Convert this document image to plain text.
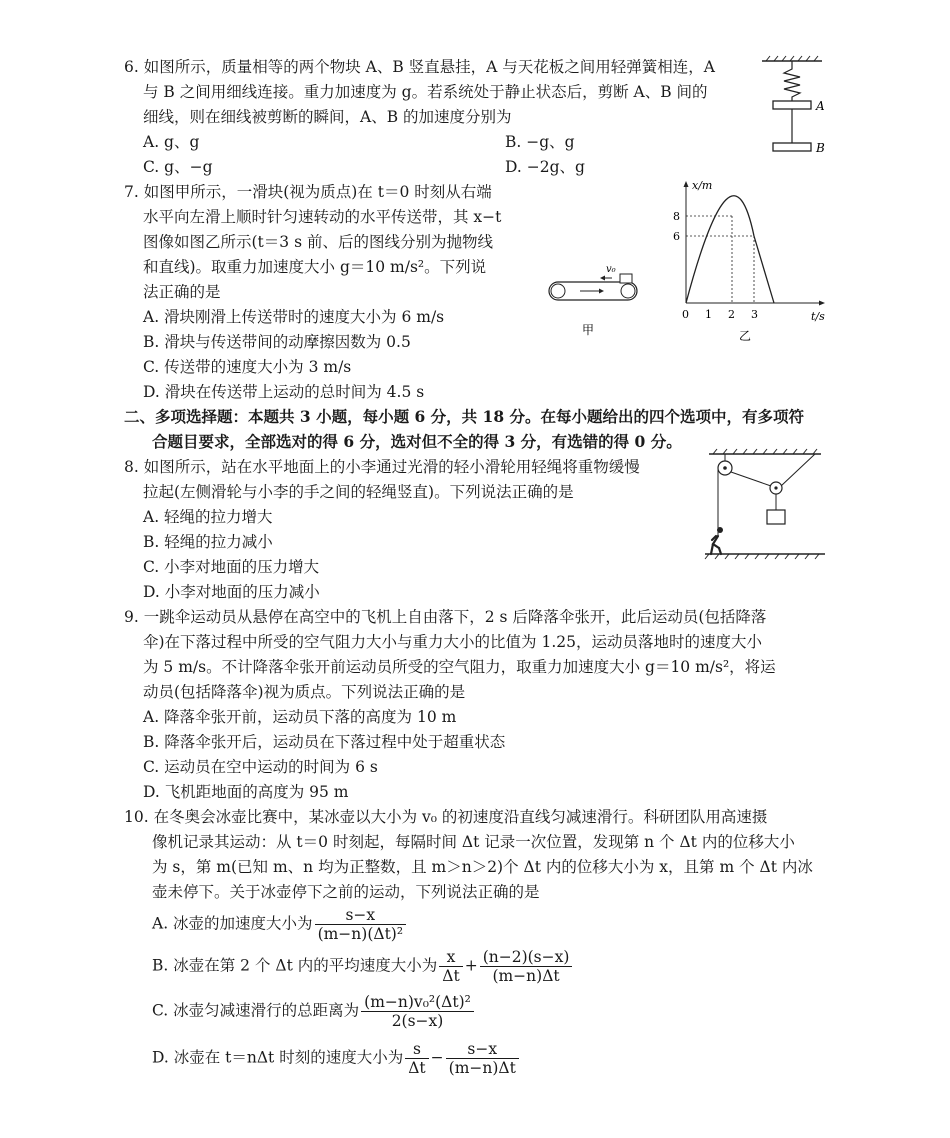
6. 如图所示，质量相等的两个物块 A、B 竖直悬挂，A 与天花板之间用轻弹簧相连，A
与 B 之间用细线连接。重力加速度为 g。若系统处于静止状态后，剪断 A、B 间的
细线，则在细线被剪断的瞬间，A、B 的加速度分别为
A. g、g	B. −g、g
C. g、−g	D. −2g、g
A
B
7. 如图甲所示，一滑块(视为质点)在 t＝0 时刻从右端
水平向左滑上顺时针匀速转动的水平传送带，其 x−t
图像如图乙所示(t＝3 s 前、后的图线分别为抛物线
和直线)。取重力加速度大小 g＝10 m/s²。下列说
法正确的是
A. 滑块刚滑上传送带时的速度大小为 6 m/s
B. 滑块与传送带间的动摩擦因数为 0.5
C. 传送带的速度大小为 3 m/s
D. 滑块在传送带上运动的总时间为 4.5 s
v₀
甲
x/m
t/s
8
6
0 1 2 3
乙
二、多项选择题：本题共 3 小题，每小题 6 分，共 18 分。在每小题给出的四个选项中，有多项符
合题目要求，全部选对的得 6 分，选对但不全的得 3 分，有选错的得 0 分。
8. 如图所示，站在水平地面上的小李通过光滑的轻小滑轮用轻绳将重物缓慢
拉起(左侧滑轮与小李的手之间的轻绳竖直)。下列说法正确的是
A. 轻绳的拉力增大
B. 轻绳的拉力减小
C. 小李对地面的压力增大
D. 小李对地面的压力减小
9. 一跳伞运动员从悬停在高空中的飞机上自由落下，2 s 后降落伞张开，此后运动员(包括降落
伞)在下落过程中所受的空气阻力大小与重力大小的比值为 1.25，运动员落地时的速度大小
为 5 m/s。不计降落伞张开前运动员所受的空气阻力，取重力加速度大小 g＝10 m/s²，将运
动员(包括降落伞)视为质点。下列说法正确的是
A. 降落伞张开前，运动员下落的高度为 10 m
B. 降落伞张开后，运动员在下落过程中处于超重状态
C. 运动员在空中运动的时间为 6 s
D. 飞机距地面的高度为 95 m
10. 在冬奥会冰壶比赛中，某冰壶以大小为 v₀ 的初速度沿直线匀减速滑行。科研团队用高速摄
像机记录其运动：从 t＝0 时刻起，每隔时间 Δt 记录一次位置，发现第 n 个 Δt 内的位移大小
为 s，第 m(已知 m、n 均为正整数，且 m＞n＞2)个 Δt 内的位移大小为 x，且第 m 个 Δt 内冰
壶未停下。关于冰壶停下之前的运动，下列说法正确的是
A. 冰壶的加速度大小为 $\frac{s-x}{\text{(m−n)(Δt)²}}$
B. 冰壶在第 2 个 Δt 内的平均速度大小为 $\frac{x}{\Delta t} + \frac{(n-2)(s-x)}{(m-n)\Delta t}$
C. 冰壶匀减速滑行的总距离为 $\frac{\text{(m−n)v₀²(Δt)²}}{2(s-x)}$
D. 冰壶在 t＝nΔt 时刻的速度大小为 $\frac{s}{\Delta t} - \frac{s-x}{(m-n)\Delta t}$
